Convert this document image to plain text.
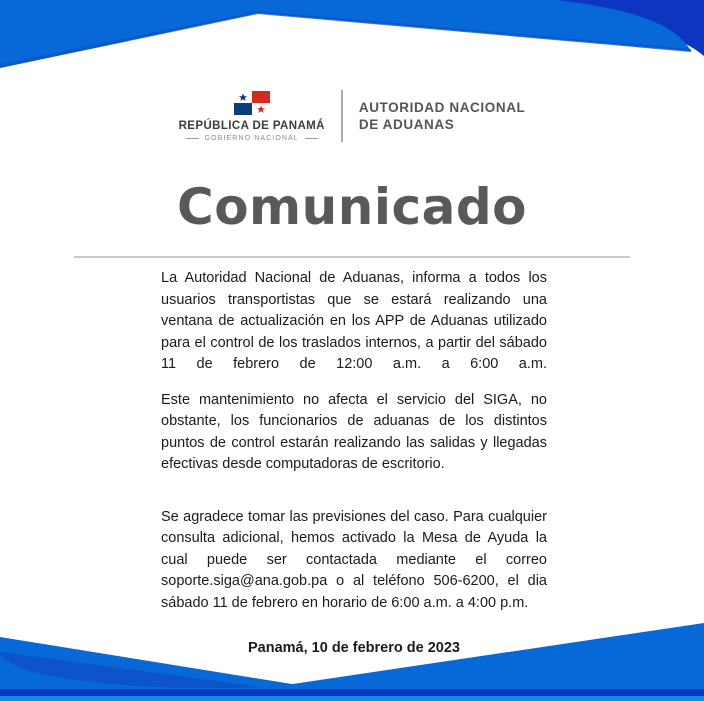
REPÚBLICA DE PANAMÁ
GOBIERNO NACIONAL
AUTORIDAD NACIONAL
DE ADUANAS
Comunicado

La Autoridad Nacional de Aduanas, informa a todos los usuarios transportistas que se estará realizando una ventana de actualización en los APP de Aduanas utilizado para el control de los traslados internos, a partir del sábado 11 de febrero de 12:00 a.m. a 6:00 a.m.

Este mantenimiento no afecta el servicio del SIGA, no obstante, los funcionarios de aduanas de los distintos puntos de control estarán realizando las salidas y llegadas efectivas desde computadoras de escritorio.

Se agradece tomar las previsiones del caso. Para cualquier consulta adicional, hemos activado la Mesa de Ayuda la cual puede ser contactada mediante el correo soporte.siga@ana.gob.pa o al teléfono 506-6200, el dia sábado 11 de febrero en horario de 6:00 a.m. a 4:00 p.m.

Panamá, 10 de febrero de 2023
